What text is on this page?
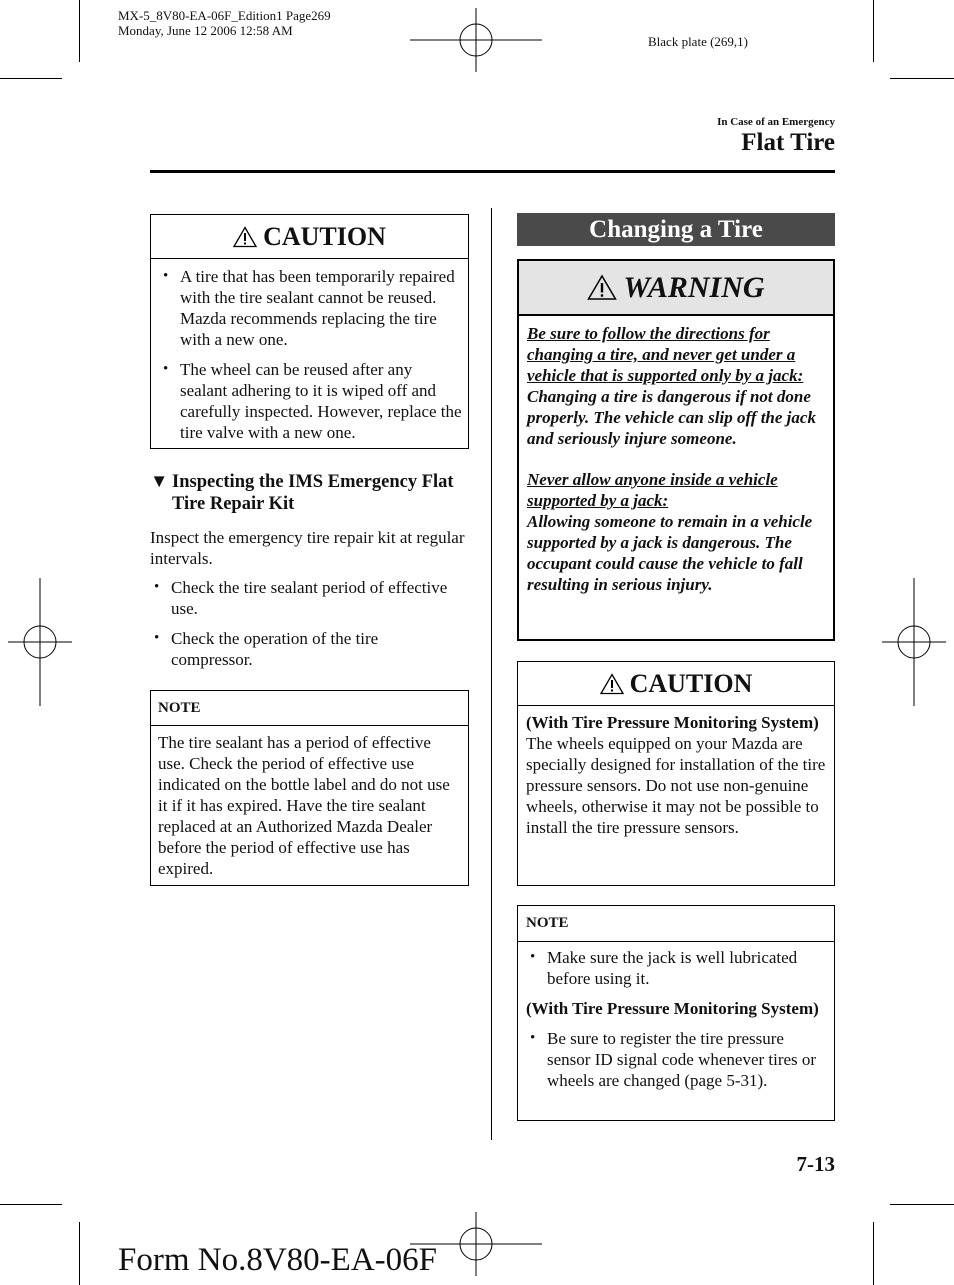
MX-5_8V80-EA-06F_Edition1 Page269
Monday, June 12 2006 12:58 AM
Black plate (269,1)
In Case of an Emergency
Flat Tire
CAUTION
• A tire that has been temporarily repaired with the tire sealant cannot be reused. Mazda recommends replacing the tire with a new one.
• The wheel can be reused after any sealant adhering to it is wiped off and carefully inspected. However, replace the tire valve with a new one.
▼ Inspecting the IMS Emergency Flat Tire Repair Kit
Inspect the emergency tire repair kit at regular intervals.
• Check the tire sealant period of effective use.
• Check the operation of the tire compressor.
NOTE
The tire sealant has a period of effective use. Check the period of effective use indicated on the bottle label and do not use it if it has expired. Have the tire sealant replaced at an Authorized Mazda Dealer before the period of effective use has expired.
Changing a Tire
WARNING
Be sure to follow the directions for changing a tire, and never get under a vehicle that is supported only by a jack:
Changing a tire is dangerous if not done properly. The vehicle can slip off the jack and seriously injure someone.
Never allow anyone inside a vehicle supported by a jack:
Allowing someone to remain in a vehicle supported by a jack is dangerous. The occupant could cause the vehicle to fall resulting in serious injury.
CAUTION
(With Tire Pressure Monitoring System)
The wheels equipped on your Mazda are specially designed for installation of the tire pressure sensors. Do not use non-genuine wheels, otherwise it may not be possible to install the tire pressure sensors.
NOTE
• Make sure the jack is well lubricated before using it.
(With Tire Pressure Monitoring System)
• Be sure to register the tire pressure sensor ID signal code whenever tires or wheels are changed (page 5-31).
7-13
Form No.8V80-EA-06F
